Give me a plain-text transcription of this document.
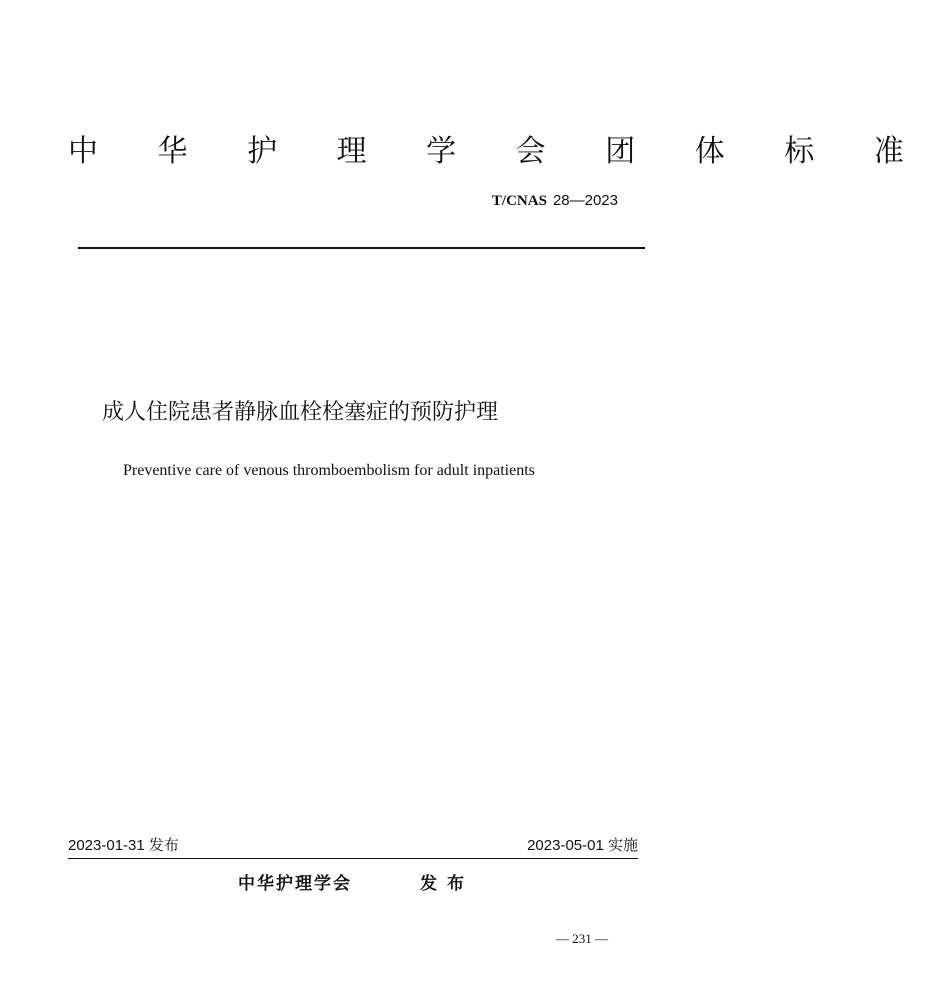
中 华 护 理 学 会 团 体 标 准
T/CNAS 28—2023
成人住院患者静脉血栓栓塞症的预防护理
Preventive care of venous thromboembolism for adult inpatients
2023-01-31 发布	2023-05-01 实施
中华护理学会	发布
— 231 —
